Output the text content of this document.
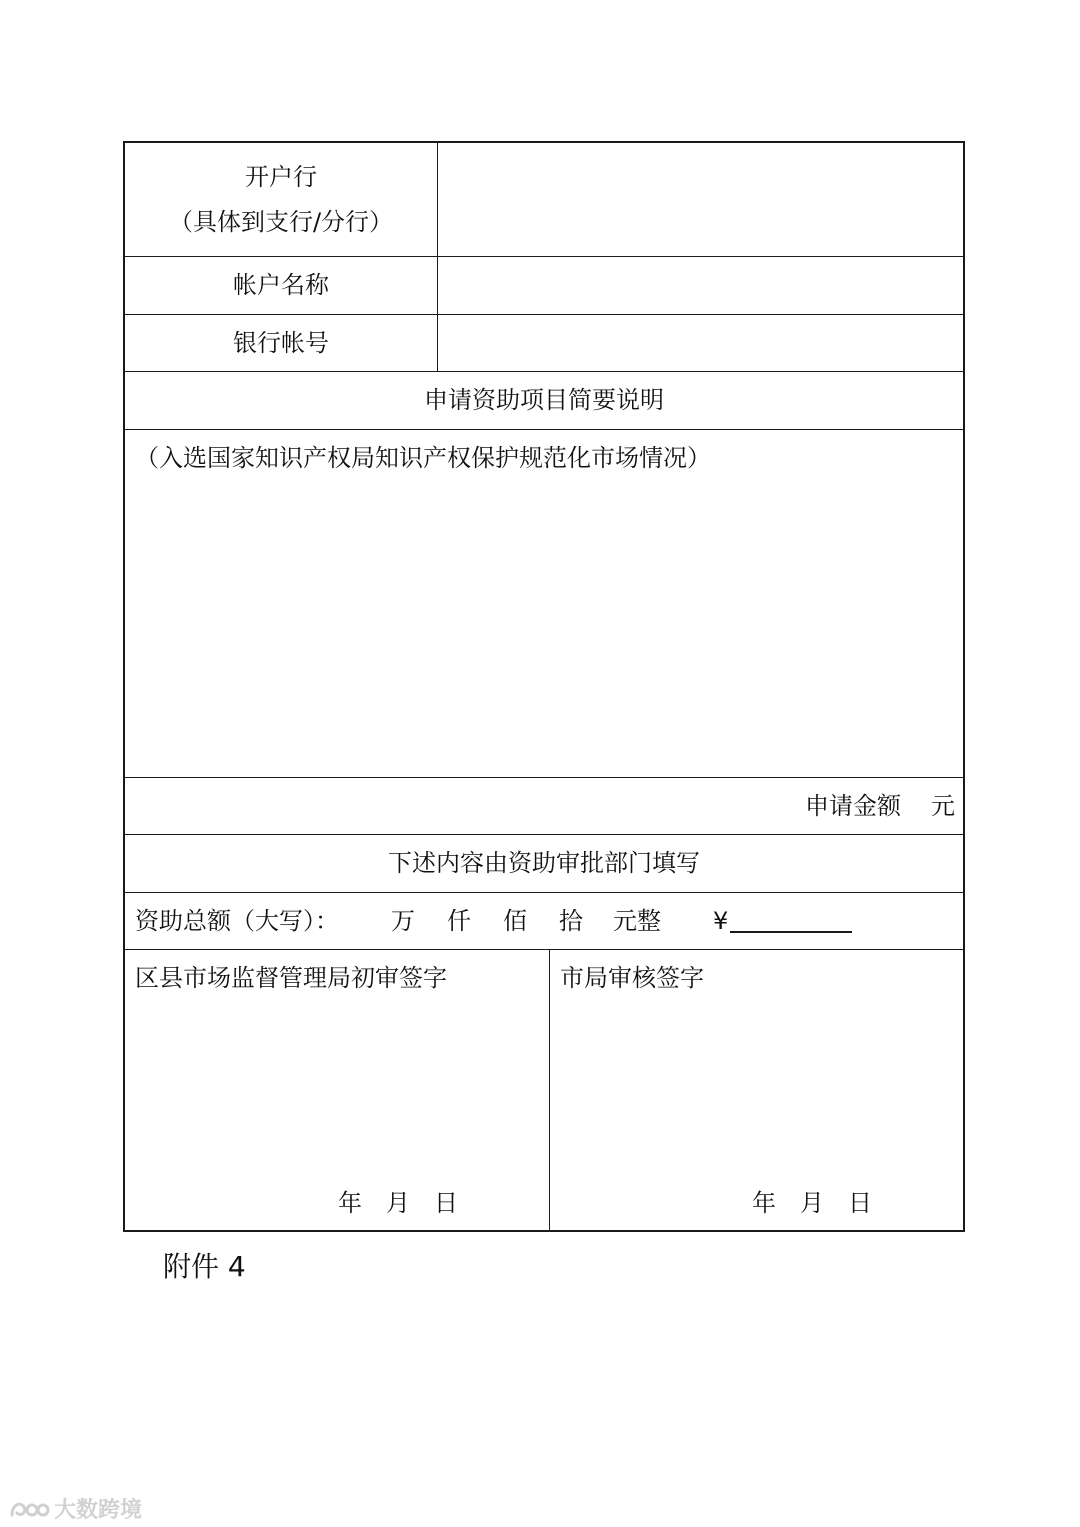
开户行
（具体到支行/分行）
帐户名称
银行帐号
申请资助项目简要说明
（入选国家知识产权局知识产权保护规范化市场情况）
申请金额 元
下述内容由资助审批部门填写
资助总额（大写）： 万 仟 佰 拾 元整 ¥
区县市场监督管理局初审签字
年 月 日
市局审核签字
年 月 日
附件 4
大数跨境
